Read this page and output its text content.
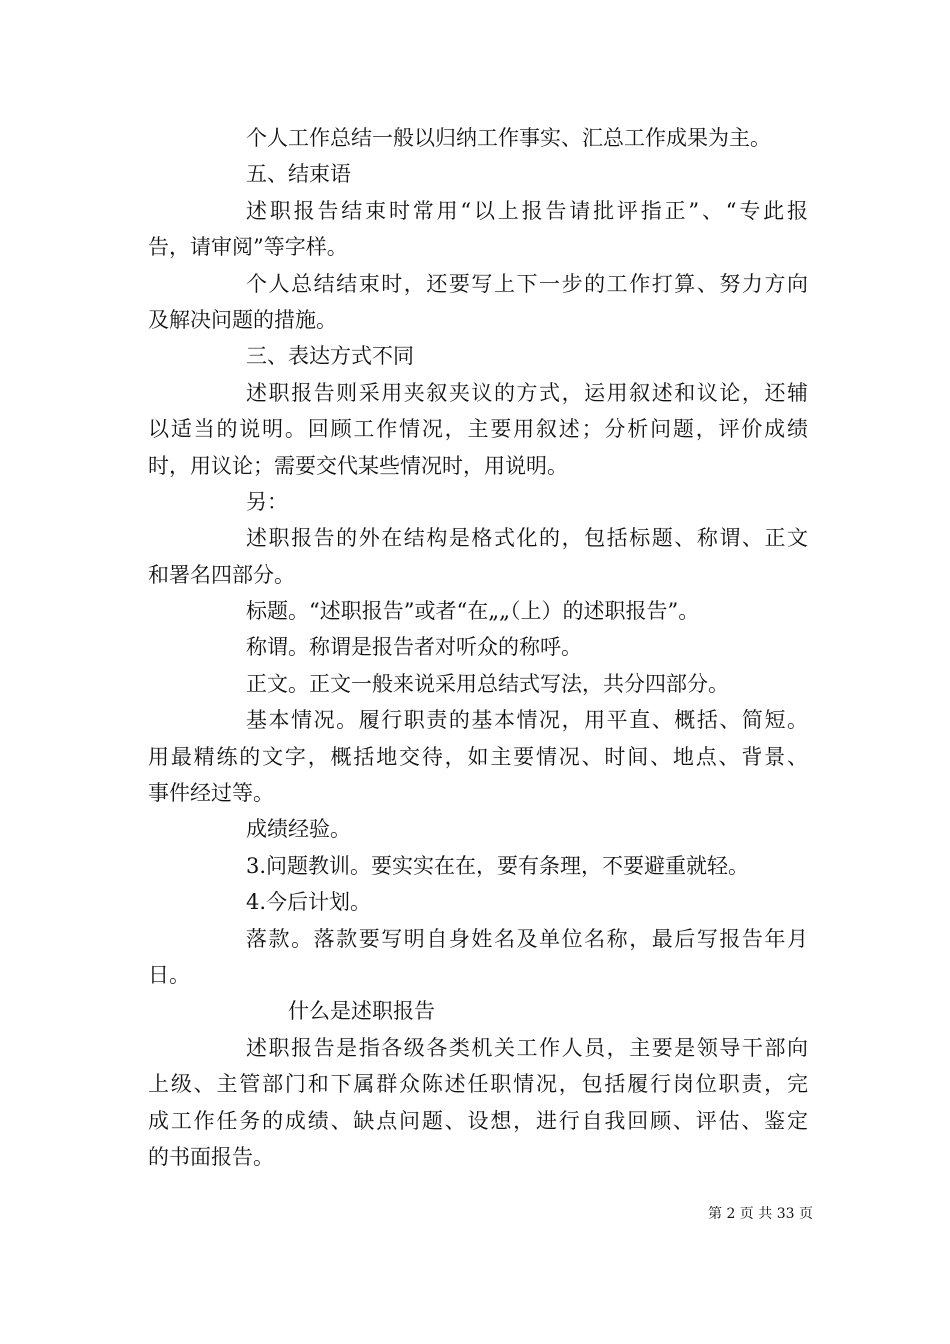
个人工作总结一般以归纳工作事实、汇总工作成果为主。
五、结束语
述职报告结束时常用“以上报告请批评指正”、“专此报
告，请审阅”等字样。
个人总结结束时，还要写上下一步的工作打算、努力方向
及解决问题的措施。
三、表达方式不同
述职报告则采用夹叙夹议的方式，运用叙述和议论，还辅
以适当的说明。回顾工作情况，主要用叙述；分析问题，评价成绩
时，用议论；需要交代某些情况时，用说明。
另：
述职报告的外在结构是格式化的，包括标题、称谓、正文
和署名四部分。
标题。“述职报告”或者“在„„（上）的述职报告”。
称谓。称谓是报告者对听众的称呼。
正文。正文一般来说采用总结式写法，共分四部分。
基本情况。履行职责的基本情况，用平直、概括、简短。
用最精练的文字，概括地交待，如主要情况、时间、地点、背景、
事件经过等。
成绩经验。
3.问题教训。要实实在在，要有条理，不要避重就轻。
4.今后计划。
落款。落款要写明自身姓名及单位名称，最后写报告年月
日。
什么是述职报告
述职报告是指各级各类机关工作人员，主要是领导干部向
上级、主管部门和下属群众陈述任职情况，包括履行岗位职责，完
成工作任务的成绩、缺点问题、设想，进行自我回顾、评估、鉴定
的书面报告。
第 2 页 共 33 页
